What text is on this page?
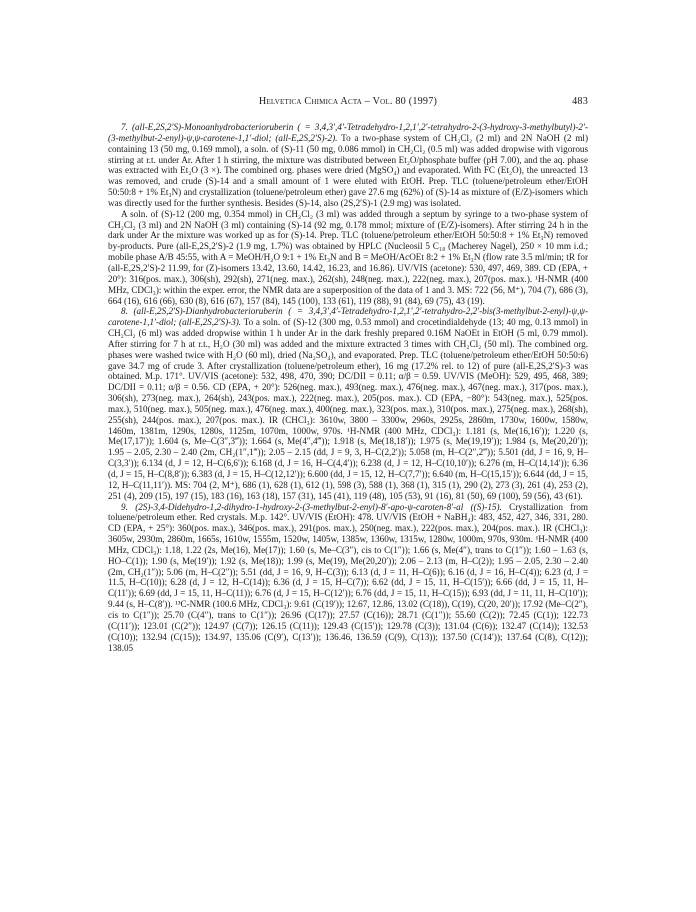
Helvetica Chimica Acta – Vol. 80 (1997)	483

7. (all-E,2S,2′S)-Monoanhydrobacterioruberin ( = 3,4,3′,4′-Tetradehydro-1,2,1′,2′-tetrahydro-2-(3-hydroxy-3-methylbutyl)-2′-(3-methylbut-2-enyl)-ψ,ψ-carotene-1,1′-diol; (all-E,2S,2′S)-2). To a two-phase system of CH₂Cl₂ (2 ml) and 2N NaOH (2 ml) containing 13 (50 mg, 0.169 mmol), a soln. of (S)-11 (50 mg, 0.086 mmol) in CH₂Cl₂ (0.5 ml) was added dropwise with vigorous stirring at r.t. under Ar. After 1 h stirring, the mixture was distributed between Et₂O/phosphate buffer (pH 7.00), and the aq. phase was extracted with Et₂O (3 ×). The combined org. phases were dried (MgSO₄) and evaporated. With FC (Et₂O), the unreacted 13 was removed, and crude (S)-14 and a small amount of 1 were eluted with EtOH. Prep. TLC (toluene/petroleum ether/EtOH 50:50:8 + 1% Et₃N) and crystallization (toluene/petroleum ether) gave 27.6 mg (62%) of (S)-14 as mixture of (E/Z)-isomers which was directly used for the further synthesis. Besides (S)-14, also (2S,2′S)-1 (2.9 mg) was isolated.

A soln. of (S)-12 (200 mg, 0.354 mmol) in CH₂Cl₂ (3 ml) was added through a septum by syringe to a two-phase system of CH₂Cl₂ (3 ml) and 2N NaOH (3 ml) containing (S)-14 (92 mg, 0.178 mmol; mixture of (E/Z)-isomers). After stirring 24 h in the dark under Ar the mixture was worked up as for (S)-14. Prep. TLC (toluene/petroleum ether/EtOH 50:50:8 + 1% Et₃N) removed by-products. Pure (all-E,2S,2′S)-2 (1.9 mg, 1.7%) was obtained by HPLC (Nucleosil 5 C₁₈ (Macherey Nagel), 250 × 10 mm i.d.; mobile phase A/B 45:55, with A = MeOH/H₂O 9:1 + 1% Et₃N and B = MeOH/AcOEt 8:2 + 1% Et₃N (flow rate 3.5 ml/min; tR for (all-E,2S,2′S)-2 11.99, for (Z)-isomers 13.42, 13.60, 14.42, 16.23, and 16.86). UV/VIS (acetone): 530, 497, 469, 389. CD (EPA, + 20°): 316(pos. max.), 306(sh), 292(sh), 271(neg. max.), 262(sh), 248(neg. max.), 222(neg. max.), 207(pos. max.). ¹H-NMR (400 MHz, CDCl₃): within the exper. error, the NMR data are a superposition of the data of 1 and 3. MS: 722 (56, M⁺), 704 (7), 686 (3), 664 (16), 616 (66), 630 (8), 616 (67), 157 (84), 145 (100), 133 (61), 119 (88), 91 (84), 69 (75), 43 (19).

8. (all-E,2S,2′S)-Dianhydrobacterioruberin ( = 3,4,3′,4′-Tetradehydro-1,2,1′,2′-tetrahydro-2,2′-bis(3-methylbut-2-enyl)-ψ,ψ-carotene-1,1′-diol; (all-E,2S,2′S)-3). To a soln. of (S)-12 (300 mg, 0.53 mmol) and crocetindialdehyde (13; 40 mg, 0.13 mmol) in CH₂Cl₂ (6 ml) was added dropwise within 1 h under Ar in the dark freshly prepared 0.16M NaOEt in EtOH (5 ml, 0.79 mmol). After stirring for 7 h at r.t., H₂O (30 ml) was added and the mixture extracted 3 times with CH₂Cl₂ (50 ml). The combined org. phases were washed twice with H₂O (60 ml), dried (Na₂SO₄), and evaporated. Prep. TLC (toluene/petroleum ether/EtOH 50:50:6) gave 34.7 mg of crude 3. After crystallization (toluene/petroleum ether), 16 mg (17.2% rel. to 12) of pure (all-E,2S,2′S)-3 was obtained. M.p. 171°. UV/VIS (acetone): 532, 498, 470, 390; DC/DII = 0.11; α/β = 0.59. UV/VIS (MeOH): 529, 495, 468, 389; DC/DII = 0.11; α/β = 0.56. CD (EPA, + 20°): 526(neg. max.), 493(neg. max.), 476(neg. max.), 467(neg. max.), 317(pos. max.), 306(sh), 273(neg. max.), 264(sh), 243(pos. max.), 222(neg. max.), 205(pos. max.). CD (EPA, −80°): 543(neg. max.), 525(pos. max.), 510(neg. max.), 505(neg. max.), 476(neg. max.), 400(neg. max.), 323(pos. max.), 310(pos. max.), 275(neg. max.), 268(sh), 255(sh), 244(pos. max.), 207(pos. max.). IR (CHCl₃): 3610w, 3800 – 3300w, 2960s, 2925s, 2860m, 1730w, 1600w, 1580w, 1460m, 1381m, 1290s, 1280s, 1125m, 1070m, 1000w, 970s. ¹H-NMR (400 MHz, CDCl₃): 1.181 (s, Me(16,16′)); 1.220 (s, Me(17,17′)); 1.604 (s, Me–C(3″,3‴)); 1.664 (s, Me(4″,4‴)); 1.918 (s, Me(18,18′)); 1.975 (s, Me(19,19′)); 1.984 (s, Me(20,20′)); 1.95 – 2.05, 2.30 – 2.40 (2m, CH₂(1″,1‴)); 2.05 – 2.15 (dd, J = 9, 3, H–C(2,2′)); 5.058 (m, H–C(2″,2‴)); 5.501 (dd, J = 16, 9, H–C(3,3′)); 6.134 (d, J = 12, H–C(6,6′)); 6.168 (d, J = 16, H–C(4,4′)); 6.238 (d, J = 12, H–C(10,10′)); 6.276 (m, H–C(14,14′)); 6.36 (d, J = 15, H–C(8,8′)); 6.383 (d, J = 15, H–C(12,12′)); 6.600 (dd, J = 15, 12, H–C(7,7′)); 6.640 (m, H–C(15,15′)); 6.644 (dd, J = 15, 12, H–C(11,11′)). MS: 704 (2, M⁺), 686 (1), 628 (1), 612 (1), 598 (3), 588 (1), 368 (1), 315 (1), 290 (2), 273 (3), 261 (4), 253 (2), 251 (4), 209 (15), 197 (15), 183 (16), 163 (18), 157 (31), 145 (41), 119 (48), 105 (53), 91 (16), 81 (50), 69 (100), 59 (56), 43 (61).

9. (2S)-3,4-Didehydro-1,2-dihydro-1-hydroxy-2-(3-methylbut-2-enyl)-8′-apo-ψ-caroten-8′-al ((S)-15). Crystallization from toluene/petroleum ether. Red crystals. M.p. 142°. UV/VIS (EtOH): 478. UV/VIS (EtOH + NaBH₄): 483, 452, 427, 346, 331, 280. CD (EPA, + 25°): 360(pos. max.), 346(pos. max.), 291(pos. max.), 250(neg. max.), 222(pos. max.), 204(pos. max.). IR (CHCl₃): 3605w, 2930m, 2860m, 1665s, 1610w, 1555m, 1520w, 1405w, 1385w, 1360w, 1315w, 1280w, 1000m, 970s, 930m. ¹H-NMR (400 MHz, CDCl₃): 1.18, 1.22 (2s, Me(16), Me(17)); 1.60 (s, Me–C(3″), cis to C(1″)); 1.66 (s, Me(4″), trans to C(1″)); 1.60 – 1.63 (s, HO–C(1)); 1.90 (s, Me(19′)); 1.92 (s, Me(18)); 1.99 (s, Me(19), Me(20,20′)); 2.06 – 2.13 (m, H–C(2)); 1.95 – 2.05, 2.30 – 2.40 (2m, CH₂(1″)); 5.06 (m, H–C(2″)); 5.51 (dd, J = 16, 9, H–C(3)); 6.13 (d, J = 11, H–C(6)); 6.16 (d, J = 16, H–C(4)); 6.23 (d, J = 11.5, H–C(10)); 6.28 (d, J = 12, H–C(14)); 6.36 (d, J = 15, H–C(7)); 6.62 (dd, J = 15, 11, H–C(15′)); 6.66 (dd, J = 15, 11, H–C(11′)); 6.69 (dd, J = 15, 11, H–C(11)); 6.76 (d, J = 15, H–C(12′)); 6.76 (dd, J = 15, 11, H–C(15)); 6.93 (dd, J = 11, 11, H–C(10′)); 9.44 (s, H–C(8′)). ¹³C-NMR (100.6 MHz, CDCl₃): 9.61 (C(19′)); 12.67, 12.86, 13.02 (C(18)), C(19), C(20, 20′)); 17.92 (Me–C(2″), cis to C(1″)); 25.70 (C(4″), trans to C(1″)); 26.96 (C(17)); 27.57 (C(16)); 28.71 (C(1″)); 55.60 (C(2)); 72.45 (C(1)); 122.73 (C(11′)); 123.01 (C(2″)); 124.97 (C(7)); 126.15 (C(11)); 129.43 (C(15′)); 129.78 (C(3)); 131.04 (C(6)); 132.47 (C(14)); 132.53 (C(10)); 132.94 (C(15)); 134.97, 135.06 (C(9′), C(13′)); 136.46, 136.59 (C(9), C(13)); 137.50 (C(14′)); 137.64 (C(8), C(12)); 138.05
